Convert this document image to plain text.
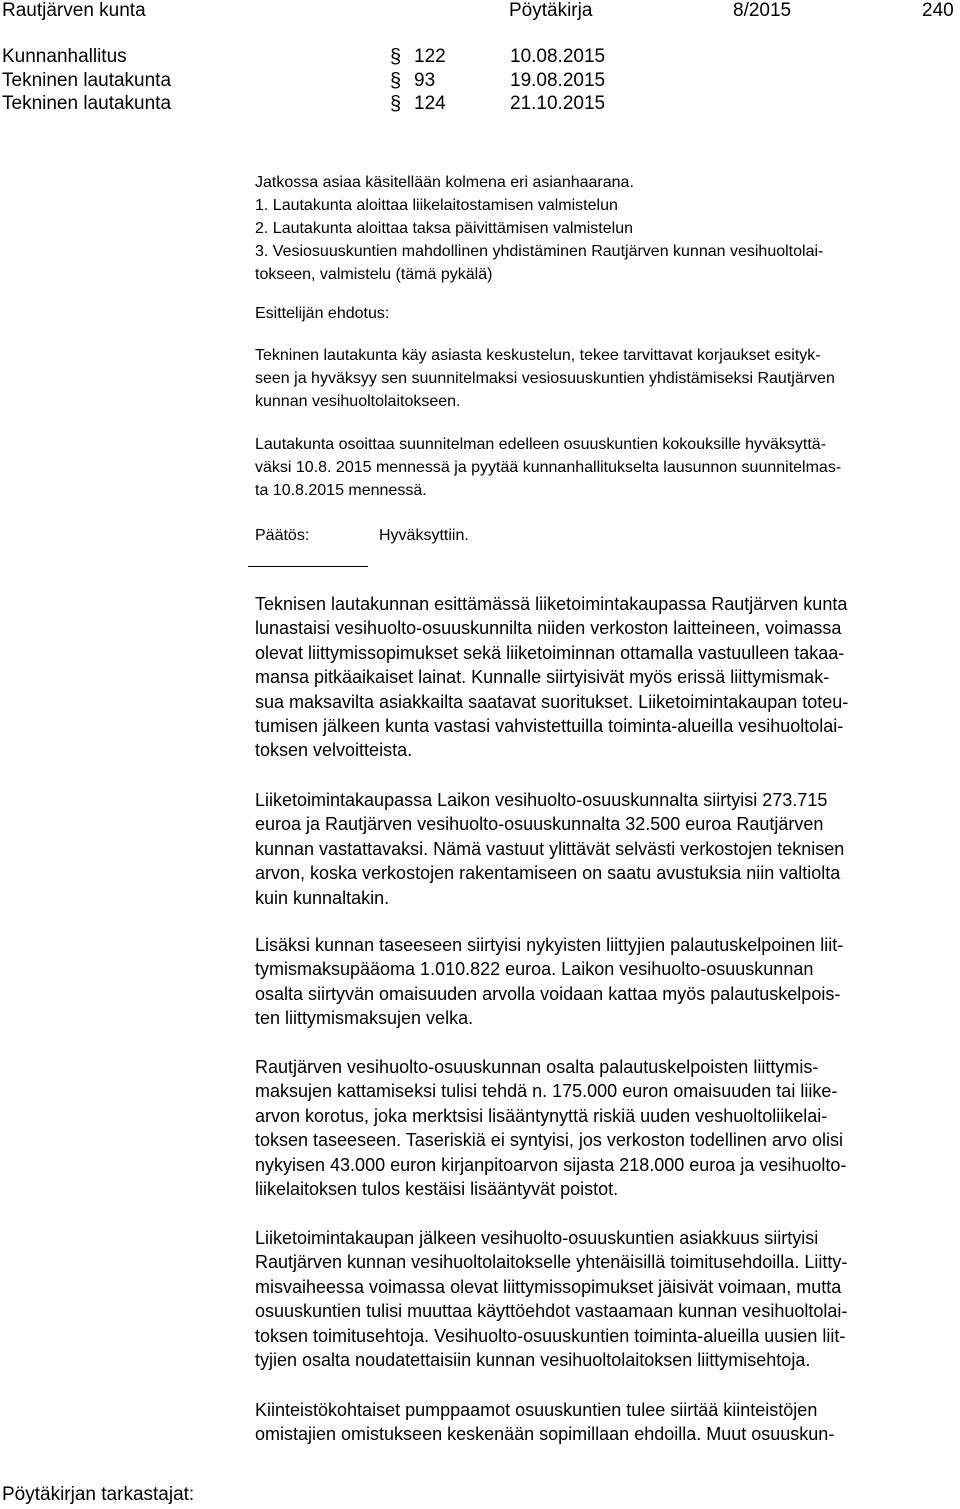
Rautjärven kunta	Pöytäkirja	8/2015	240
Kunnanhallitus	§ 122	10.08.2015
Tekninen lautakunta	§ 93	19.08.2015
Tekninen lautakunta	§ 124	21.10.2015
Jatkossa asiaa käsitellään kolmena eri asianhaarana.
1. Lautakunta aloittaa liikelaitostamisen valmistelun
2. Lautakunta aloittaa taksa päivittämisen valmistelun
3. Vesiosuuskuntien mahdollinen yhdistäminen Rautjärven kunnan vesihuoltolai-
tokseen, valmistelu (tämä pykälä)
Esittelijän ehdotus:
Tekninen lautakunta käy asiasta keskustelun, tekee tarvittavat korjaukset esityk-
seen ja hyväksyy sen suunnitelmaksi vesiosuuskuntien yhdistämiseksi Rautjärven
kunnan vesihuoltolaitokseen.
Lautakunta osoittaa suunnitelman edelleen osuuskuntien kokouksille hyväksyttä-
väksi 10.8. 2015 mennessä ja pyytää kunnanhallitukselta lausunnon suunnitelmas-
ta 10.8.2015 mennessä.
Päätös:	Hyväksyttiin.
Teknisen lautakunnan esittämässä liiketoimintakaupassa Rautjärven kunta
lunastaisi vesihuolto-osuuskunnilta niiden verkoston laitteineen, voimassa
olevat liittymissopimukset sekä liiketoiminnan ottamalla vastuulleen takaa-
mansa pitkäaikaiset lainat. Kunnalle siirtyisivät myös erissä liittymismak-
sua maksavilta asiakkailta saatavat suoritukset. Liiketoimintakaupan toteu-
tumisen jälkeen kunta vastasi vahvistettuilla toiminta-alueilla vesihuoltolai-
toksen velvoitteista.
Liiketoimintakaupassa Laikon vesihuolto-osuuskunnalta siirtyisi 273.715
euroa ja Rautjärven vesihuolto-osuuskunnalta 32.500 euroa Rautjärven
kunnan vastattavaksi. Nämä vastuut ylittävät selvästi verkostojen teknisen
arvon, koska verkostojen rakentamiseen on saatu avustuksia niin valtiolta
kuin kunnaltakin.
Lisäksi kunnan taseeseen siirtyisi nykyisten liittyjien palautuskelpoinen liit-
tymismaksupääoma 1.010.822 euroa. Laikon vesihuolto-osuuskunnan
osalta siirtyvän omaisuuden arvolla voidaan kattaa myös palautuskelpois-
ten liittymismaksujen velka.
Rautjärven vesihuolto-osuuskunnan osalta palautuskelpoisten liittymis-
maksujen kattamiseksi tulisi tehdä n. 175.000 euron omaisuuden tai liike-
arvon korotus, joka merktsisi lisääntynyttä riskiä uuden veshuoltoliikelai-
toksen taseeseen. Taseriskiä ei syntyisi, jos verkoston todellinen arvo olisi
nykyisen 43.000 euron kirjanpitoarvon sijasta 218.000 euroa ja vesihuolto-
liikelaitoksen tulos kestäisi lisääntyvät poistot.
Liiketoimintakaupan jälkeen vesihuolto-osuuskuntien asiakkuus siirtyisi
Rautjärven kunnan vesihuoltolaitokselle yhtenäisillä toimitusehdoilla. Liitty-
misvaiheessa voimassa olevat liittymissopimukset jäisivät voimaan, mutta
osuuskuntien tulisi muuttaa käyttöehdot vastaamaan kunnan vesihuoltolai-
toksen toimitusehtoja. Vesihuolto-osuuskuntien toiminta-alueilla uusien liit-
tyjien osalta noudatettaisiin kunnan vesihuoltolaitoksen liittymisehtoja.
Kiinteistökohtaiset pumppaamot osuuskuntien tulee siirtää kiinteistöjen
omistajien omistukseen keskenään sopimillaan ehdoilla. Muut osuuskun-
Pöytäkirjan tarkastajat:
